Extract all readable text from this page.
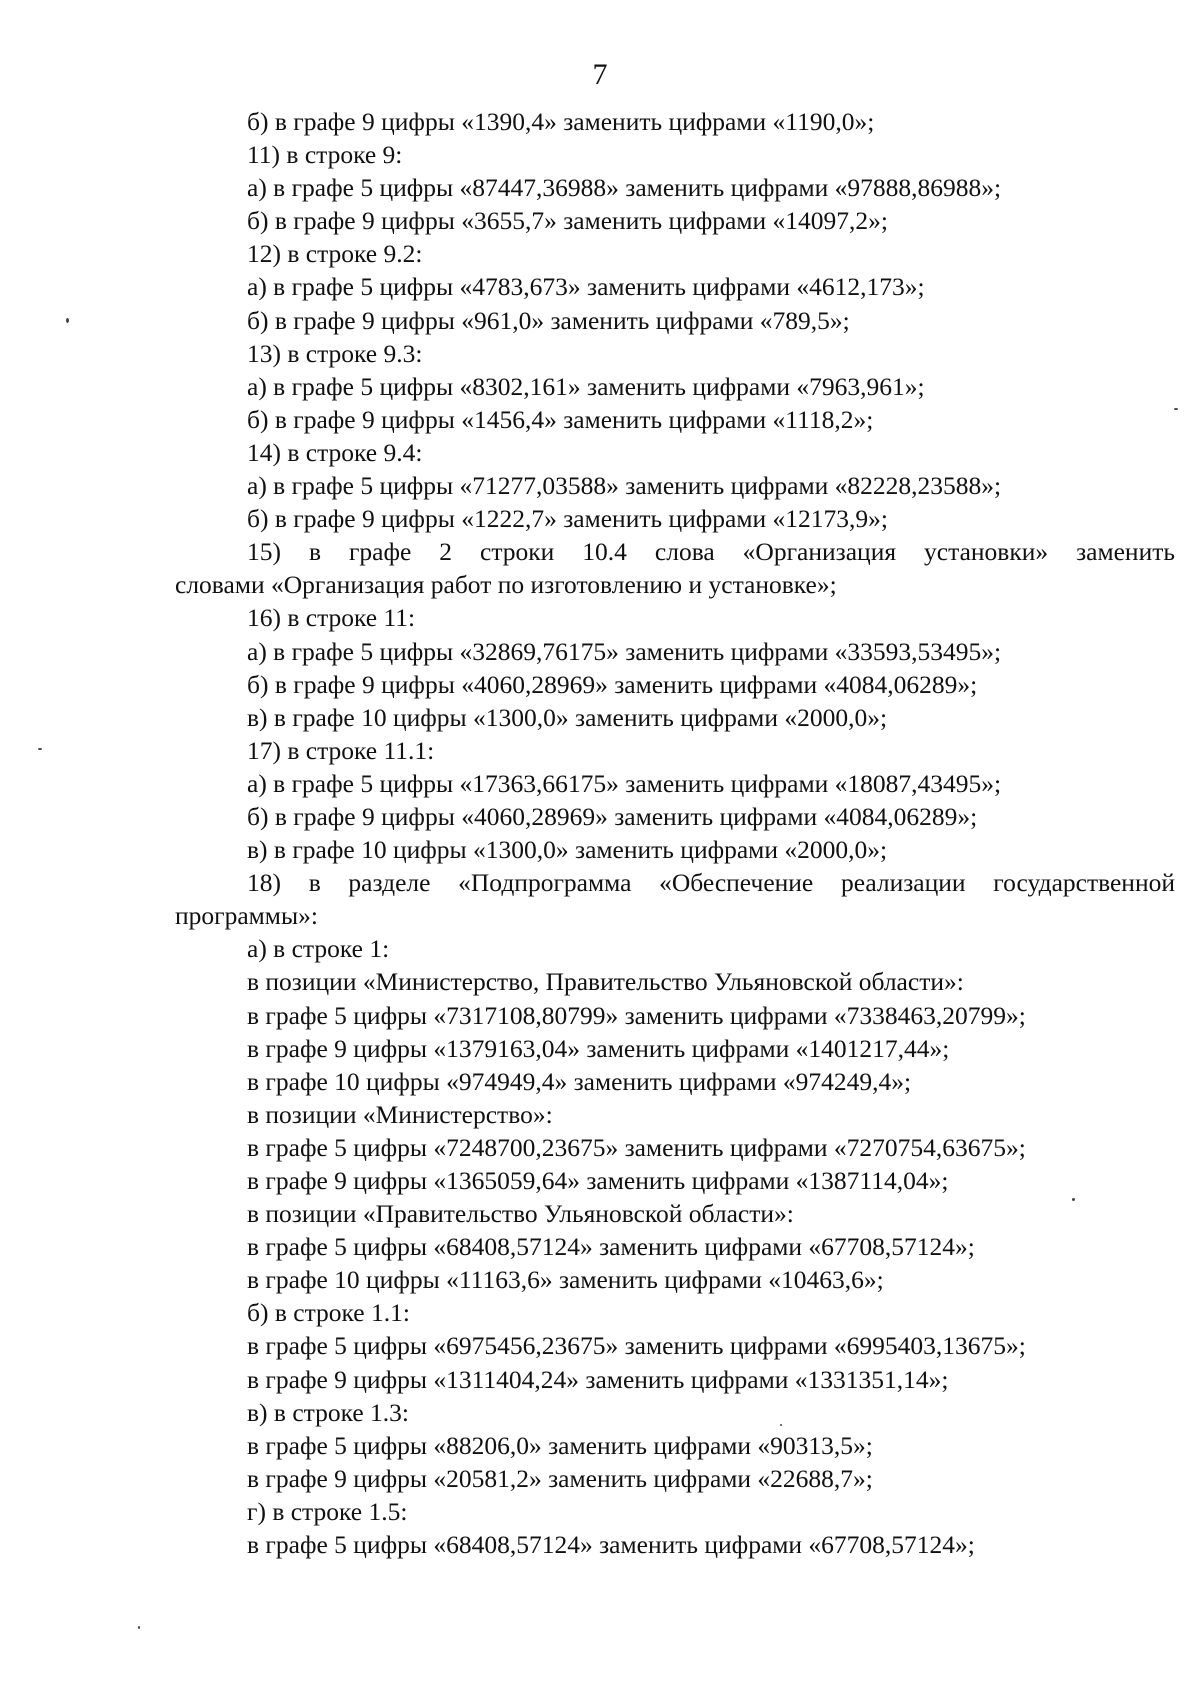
7

б) в графе 9 цифры «1390,4» заменить цифрами «1190,0»;

11) в строке 9:

а) в графе 5 цифры «87447,36988» заменить цифрами «97888,86988»;

б) в графе 9 цифры «3655,7» заменить цифрами «14097,2»;

12) в строке 9.2:

а) в графе 5 цифры «4783,673» заменить цифрами «4612,173»;

б) в графе 9 цифры «961,0» заменить цифрами «789,5»;

13) в строке 9.3:

а) в графе 5 цифры «8302,161» заменить цифрами «7963,961»;

б) в графе 9 цифры «1456,4» заменить цифрами «1118,2»;

14) в строке 9.4:

а) в графе 5 цифры «71277,03588» заменить цифрами «82228,23588»;

б) в графе 9 цифры «1222,7» заменить цифрами «12173,9»;

15) в графе 2 строки 10.4 слова «Организация установки» заменить

словами «Организация работ по изготовлению и установке»;

16) в строке 11:

а) в графе 5 цифры «32869,76175» заменить цифрами «33593,53495»;

б) в графе 9 цифры «4060,28969» заменить цифрами «4084,06289»;

в) в графе 10 цифры «1300,0» заменить цифрами «2000,0»;

17) в строке 11.1:

а) в графе 5 цифры «17363,66175» заменить цифрами «18087,43495»;

б) в графе 9 цифры «4060,28969» заменить цифрами «4084,06289»;

в) в графе 10 цифры «1300,0» заменить цифрами «2000,0»;

18) в разделе «Подпрограмма «Обеспечение реализации государственной

программы»:

а) в строке 1:

в позиции «Министерство, Правительство Ульяновской области»:

в графе 5 цифры «7317108,80799» заменить цифрами «7338463,20799»;

в графе 9 цифры «1379163,04» заменить цифрами «1401217,44»;

в графе 10 цифры «974949,4» заменить цифрами «974249,4»;

в позиции «Министерство»:

в графе 5 цифры «7248700,23675» заменить цифрами «7270754,63675»;

в графе 9 цифры «1365059,64» заменить цифрами «1387114,04»;

в позиции «Правительство Ульяновской области»:

в графе 5 цифры «68408,57124» заменить цифрами «67708,57124»;

в графе 10 цифры «11163,6» заменить цифрами «10463,6»;

б) в строке 1.1:

в графе 5 цифры «6975456,23675» заменить цифрами «6995403,13675»;

в графе 9 цифры «1311404,24» заменить цифрами «1331351,14»;

в) в строке 1.3:

в графе 5 цифры «88206,0» заменить цифрами «90313,5»;

в графе 9 цифры «20581,2» заменить цифрами «22688,7»;

г) в строке 1.5:

в графе 5 цифры «68408,57124» заменить цифрами «67708,57124»;
